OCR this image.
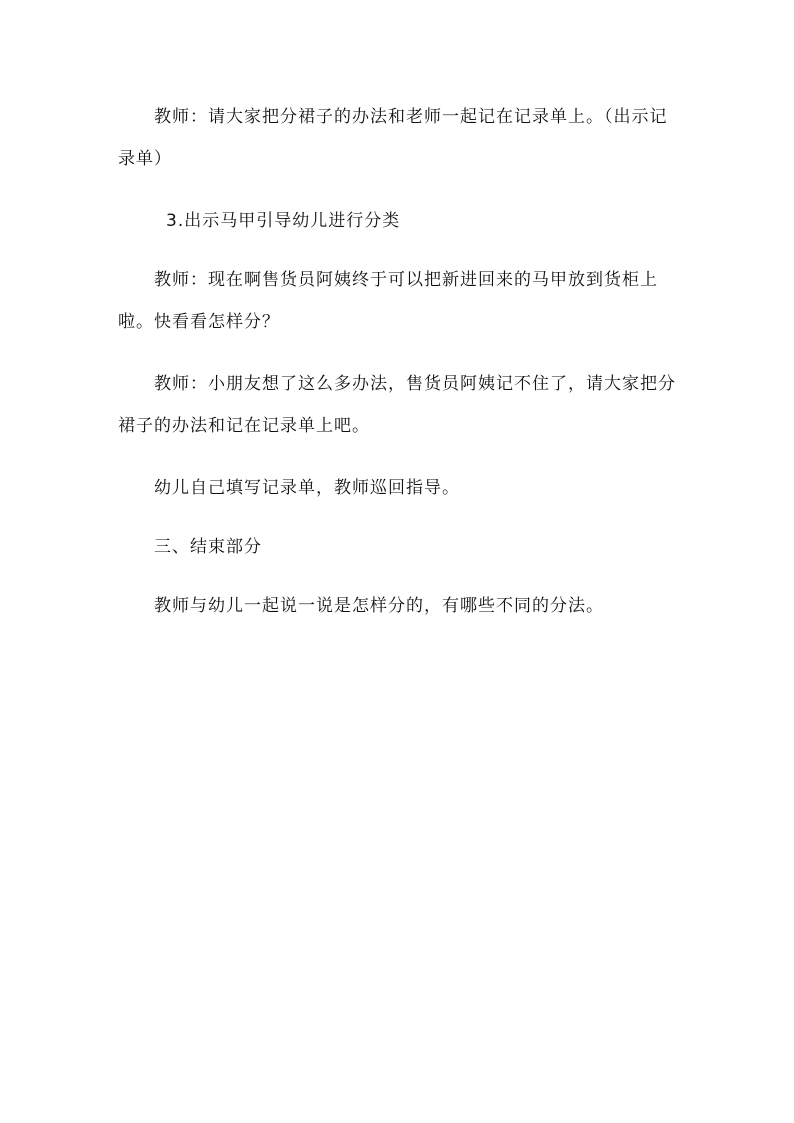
教师：请大家把分裙子的办法和老师一起记在记录单上。（出示记录单）

3.出示马甲引导幼儿进行分类

教师：现在啊售货员阿姨终于可以把新进回来的马甲放到货柜上啦。快看看怎样分？

教师：小朋友想了这么多办法，售货员阿姨记不住了，请大家把分裙子的办法和记在记录单上吧。

幼儿自己填写记录单，教师巡回指导。

三、结束部分

教师与幼儿一起说一说是怎样分的，有哪些不同的分法。
